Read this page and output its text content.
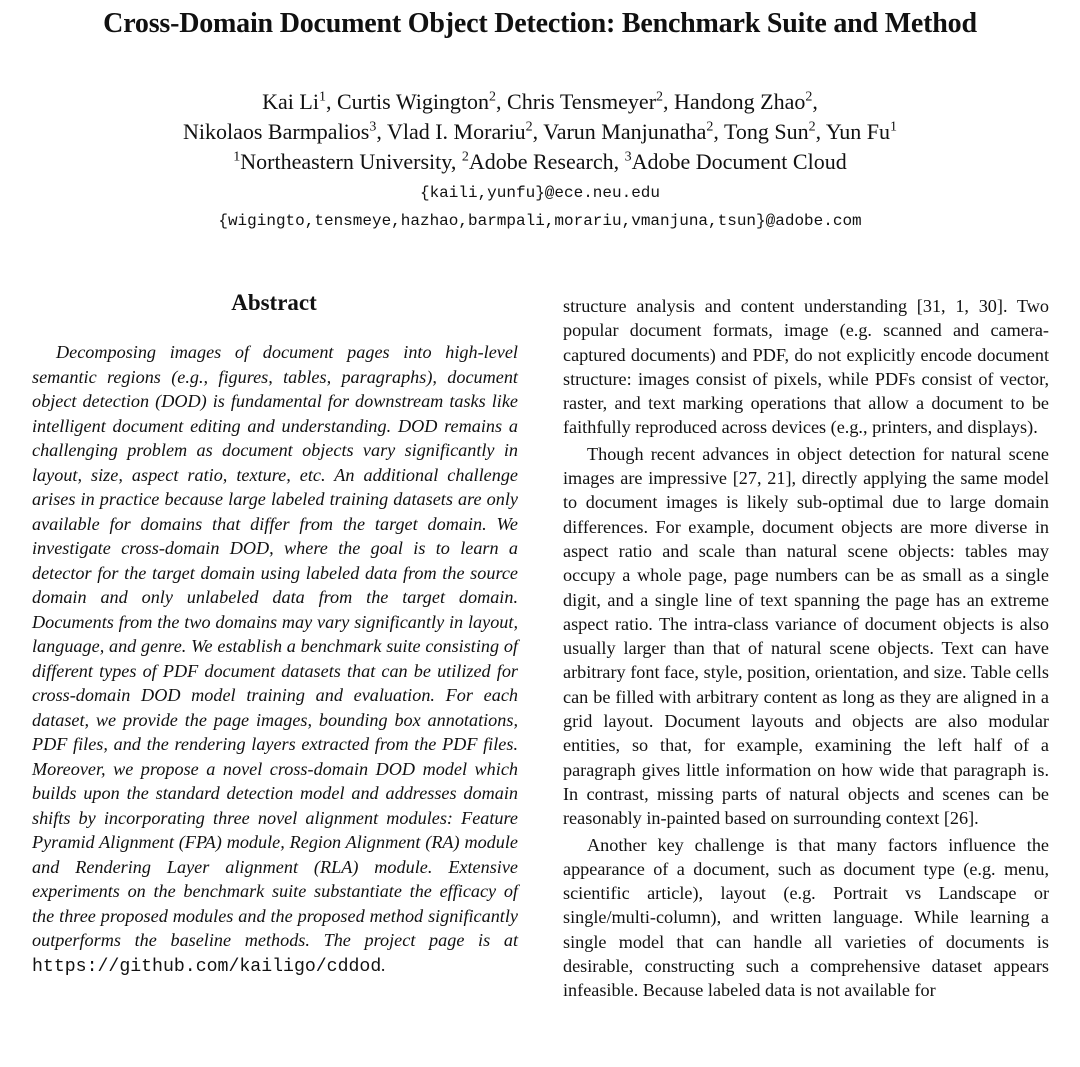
Cross-Domain Document Object Detection: Benchmark Suite and Method
Kai Li$^1$, Curtis Wigington$^2$, Chris Tensmeyer$^2$, Handong Zhao$^2$,
Nikolaos Barmpalios$^3$, Vlad I. Morariu$^2$, Varun Manjunatha$^2$, Tong Sun$^2$, Yun Fu$^1$
$^1$Northeastern University, $^2$Adobe Research, $^3$Adobe Document Cloud
{kaili,yunfu}@ece.neu.edu
{wigingto,tensmeye,hazhao,barmpali,morariu,vmanjuna,tsun}@adobe.com
Abstract

Decomposing images of document pages into high-level semantic regions (e.g., figures, tables, paragraphs), document object detection (DOD) is fundamental for downstream tasks like intelligent document editing and understanding. DOD remains a challenging problem as document objects vary significantly in layout, size, aspect ratio, texture, etc. An additional challenge arises in practice because large labeled training datasets are only available for domains that differ from the target domain. We investigate cross-domain DOD, where the goal is to learn a detector for the target domain using labeled data from the source domain and only unlabeled data from the target domain. Documents from the two domains may vary significantly in layout, language, and genre. We establish a benchmark suite consisting of different types of PDF document datasets that can be utilized for cross-domain DOD model training and evaluation. For each dataset, we provide the page images, bounding box annotations, PDF files, and the rendering layers extracted from the PDF files. Moreover, we propose a novel cross-domain DOD model which builds upon the standard detection model and addresses domain shifts by incorporating three novel alignment modules: Feature Pyramid Alignment (FPA) module, Region Alignment (RA) module and Rendering Layer alignment (RLA) module. Extensive experiments on the benchmark suite substantiate the efficacy of the three proposed modules and the proposed method significantly outperforms the baseline methods. The project page is at https://github.com/kailigo/cddod.

structure analysis and content understanding [31, 1, 30]. Two popular document formats, image (e.g. scanned and camera-captured documents) and PDF, do not explicitly encode document structure: images consist of pixels, while PDFs consist of vector, raster, and text marking operations that allow a document to be faithfully reproduced across devices (e.g., printers, and displays).

Though recent advances in object detection for natural scene images are impressive [27, 21], directly applying the same model to document images is likely sub-optimal due to large domain differences. For example, document objects are more diverse in aspect ratio and scale than natural scene objects: tables may occupy a whole page, page numbers can be as small as a single digit, and a single line of text spanning the page has an extreme aspect ratio. The intra-class variance of document objects is also usually larger than that of natural scene objects. Text can have arbitrary font face, style, position, orientation, and size. Table cells can be filled with arbitrary content as long as they are aligned in a grid layout. Document layouts and objects are also modular entities, so that, for example, examining the left half of a paragraph gives little information on how wide that paragraph is. In contrast, missing parts of natural objects and scenes can be reasonably in-painted based on surrounding context [26].

Another key challenge is that many factors influence the appearance of a document, such as document type (e.g. menu, scientific article), layout (e.g. Portrait vs Landscape or single/multi-column), and written language. While learning a single model that can handle all varieties of documents is desirable, constructing such a comprehensive dataset appears infeasible. Because labeled data is not available for
